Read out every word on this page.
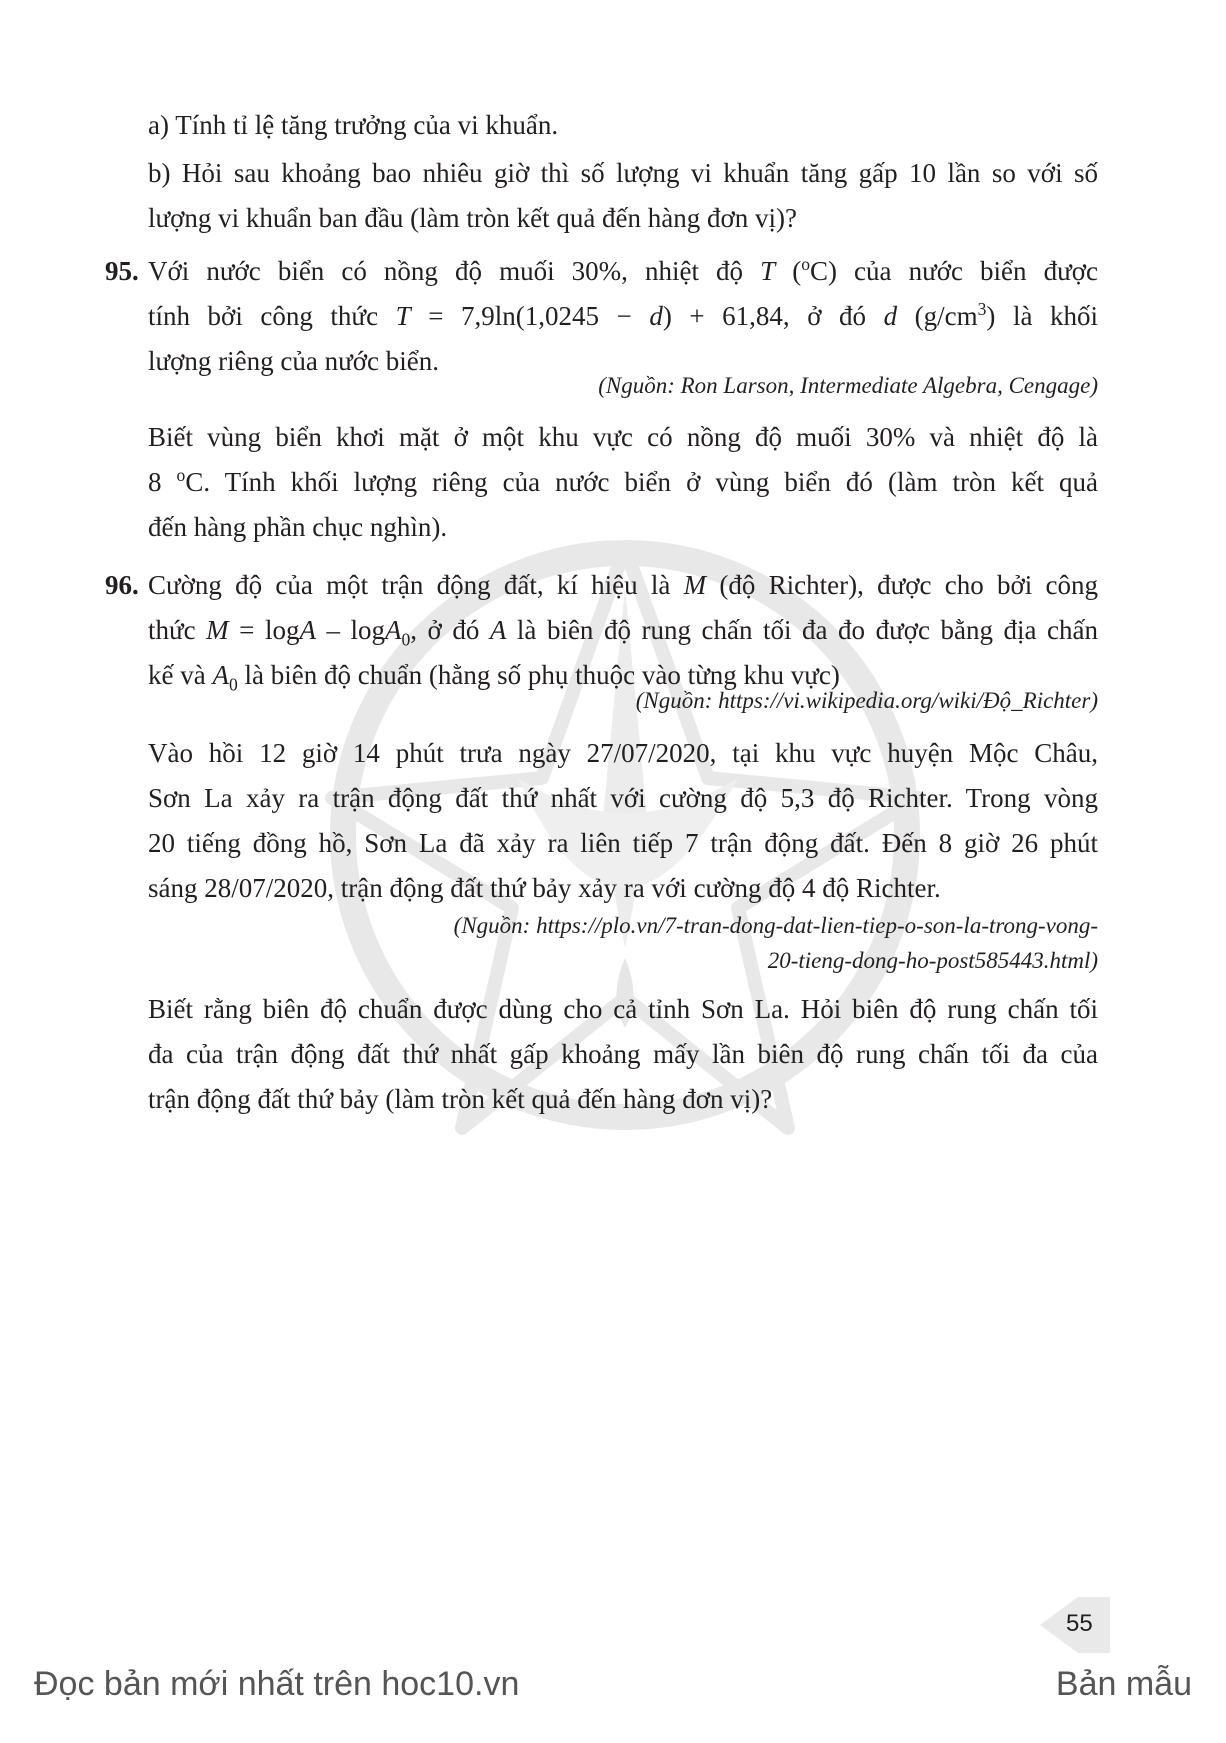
a) Tính tỉ lệ tăng trưởng của vi khuẩn.
b) Hỏi sau khoảng bao nhiêu giờ thì số lượng vi khuẩn tăng gấp 10 lần so với số
lượng vi khuẩn ban đầu (làm tròn kết quả đến hàng đơn vị)?
95. Với nước biển có nồng độ muối 30%, nhiệt độ T ($^o$C) của nước biển được
tính bởi công thức T = 7,9ln(1,0245 − d) + 61,84, ở đó d $(g/cm^3)$ là khối
lượng riêng của nước biển.
(Nguồn: Ron Larson, Intermediate Algebra, Cengage)
Biết vùng biển khơi mặt ở một khu vực có nồng độ muối 30% và nhiệt độ là
8 $^o$C. Tính khối lượng riêng của nước biển ở vùng biển đó (làm tròn kết quả
đến hàng phần chục nghìn).
96. Cường độ của một trận động đất, kí hiệu là M (độ Richter), được cho bởi công
thức M = logA – logA$_0$, ở đó A là biên độ rung chấn tối đa đo được bằng địa chấn
kế và $A_0$ là biên độ chuẩn (hằng số phụ thuộc vào từng khu vực)
(Nguồn: https://vi.wikipedia.org/wiki/Độ_Richter)
Vào hồi 12 giờ 14 phút trưa ngày 27/07/2020, tại khu vực huyện Mộc Châu,
Sơn La xảy ra trận động đất thứ nhất với cường độ 5,3 độ Richter. Trong vòng
20 tiếng đồng hồ, Sơn La đã xảy ra liên tiếp 7 trận động đất. Đến 8 giờ 26 phút
sáng 28/07/2020, trận động đất thứ bảy xảy ra với cường độ 4 độ Richter.
(Nguồn: https://plo.vn/7-tran-dong-dat-lien-tiep-o-son-la-trong-vong-
20-tieng-dong-ho-post585443.html)
Biết rằng biên độ chuẩn được dùng cho cả tỉnh Sơn La. Hỏi biên độ rung chấn tối
đa của trận động đất thứ nhất gấp khoảng mấy lần biên độ rung chấn tối đa của
trận động đất thứ bảy (làm tròn kết quả đến hàng đơn vị)?
55
Đọc bản mới nhất trên hoc10.vn	Bản mẫu
